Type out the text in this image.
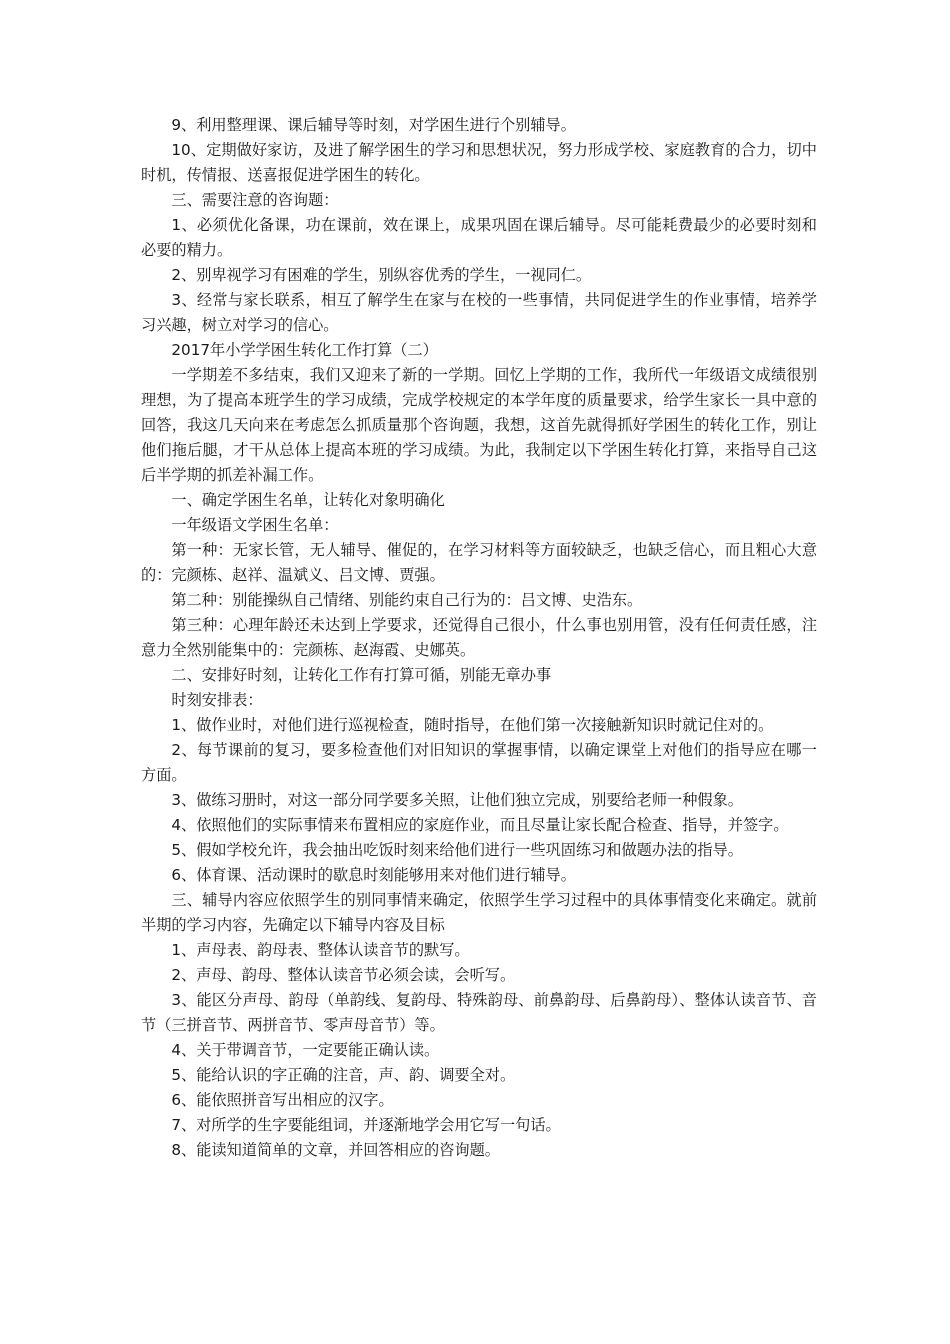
9、利用整理课、课后辅导等时刻，对学困生进行个别辅导。

10、定期做好家访，及进了解学困生的学习和思想状况，努力形成学校、家庭教育的合力，切中时机，传情报、送喜报促进学困生的转化。

三、需要注意的咨询题：

1、必须优化备课，功在课前，效在课上，成果巩固在课后辅导。尽可能耗费最少的必要时刻和必要的精力。

2、别卑视学习有困难的学生，别纵容优秀的学生，一视同仁。

3、经常与家长联系，相互了解学生在家与在校的一些事情，共同促进学生的作业事情，培养学习兴趣，树立对学习的信心。

2017年小学学困生转化工作打算（二）

一学期差不多结束，我们又迎来了新的一学期。回忆上学期的工作，我所代一年级语文成绩很别理想，为了提高本班学生的学习成绩，完成学校规定的本学年度的质量要求，给学生家长一具中意的回答，我这几天向来在考虑怎么抓质量那个咨询题，我想，这首先就得抓好学困生的转化工作，别让他们拖后腿，才干从总体上提高本班的学习成绩。为此，我制定以下学困生转化打算，来指导自己这后半学期的抓差补漏工作。

一、确定学困生名单，让转化对象明确化

一年级语文学困生名单：

第一种：无家长管，无人辅导、催促的，在学习材料等方面较缺乏，也缺乏信心，而且粗心大意的：完颜栋、赵祥、温斌义、吕文博、贾强。

第二种：别能操纵自己情绪、别能约束自己行为的：吕文博、史浩东。

第三种：心理年龄还未达到上学要求，还觉得自己很小，什么事也别用管，没有任何责任感，注意力全然别能集中的：完颜栋、赵海霞、史娜英。

二、安排好时刻，让转化工作有打算可循，别能无章办事

时刻安排表：

1、做作业时，对他们进行巡视检查，随时指导，在他们第一次接触新知识时就记住对的。

2、每节课前的复习，要多检查他们对旧知识的掌握事情，以确定课堂上对他们的指导应在哪一方面。

3、做练习册时，对这一部分同学要多关照，让他们独立完成，别要给老师一种假象。

4、依照他们的实际事情来布置相应的家庭作业，而且尽量让家长配合检查、指导，并签字。

5、假如学校允许，我会抽出吃饭时刻来给他们进行一些巩固练习和做题办法的指导。

6、体育课、活动课时的歇息时刻能够用来对他们进行辅导。

三、辅导内容应依照学生的别同事情来确定，依照学生学习过程中的具体事情变化来确定。就前半期的学习内容，先确定以下辅导内容及目标

1、声母表、韵母表、整体认读音节的默写。

2、声母、韵母、整体认读音节必须会读，会听写。

3、能区分声母、韵母（单韵线、复韵母、特殊韵母、前鼻韵母、后鼻韵母）、整体认读音节、音节（三拼音节、两拼音节、零声母音节）等。

4、关于带调音节，一定要能正确认读。

5、能给认识的字正确的注音，声、韵、调要全对。

6、能依照拼音写出相应的汉字。

7、对所学的生字要能组词，并逐渐地学会用它写一句话。

8、能读知道简单的文章，并回答相应的咨询题。
